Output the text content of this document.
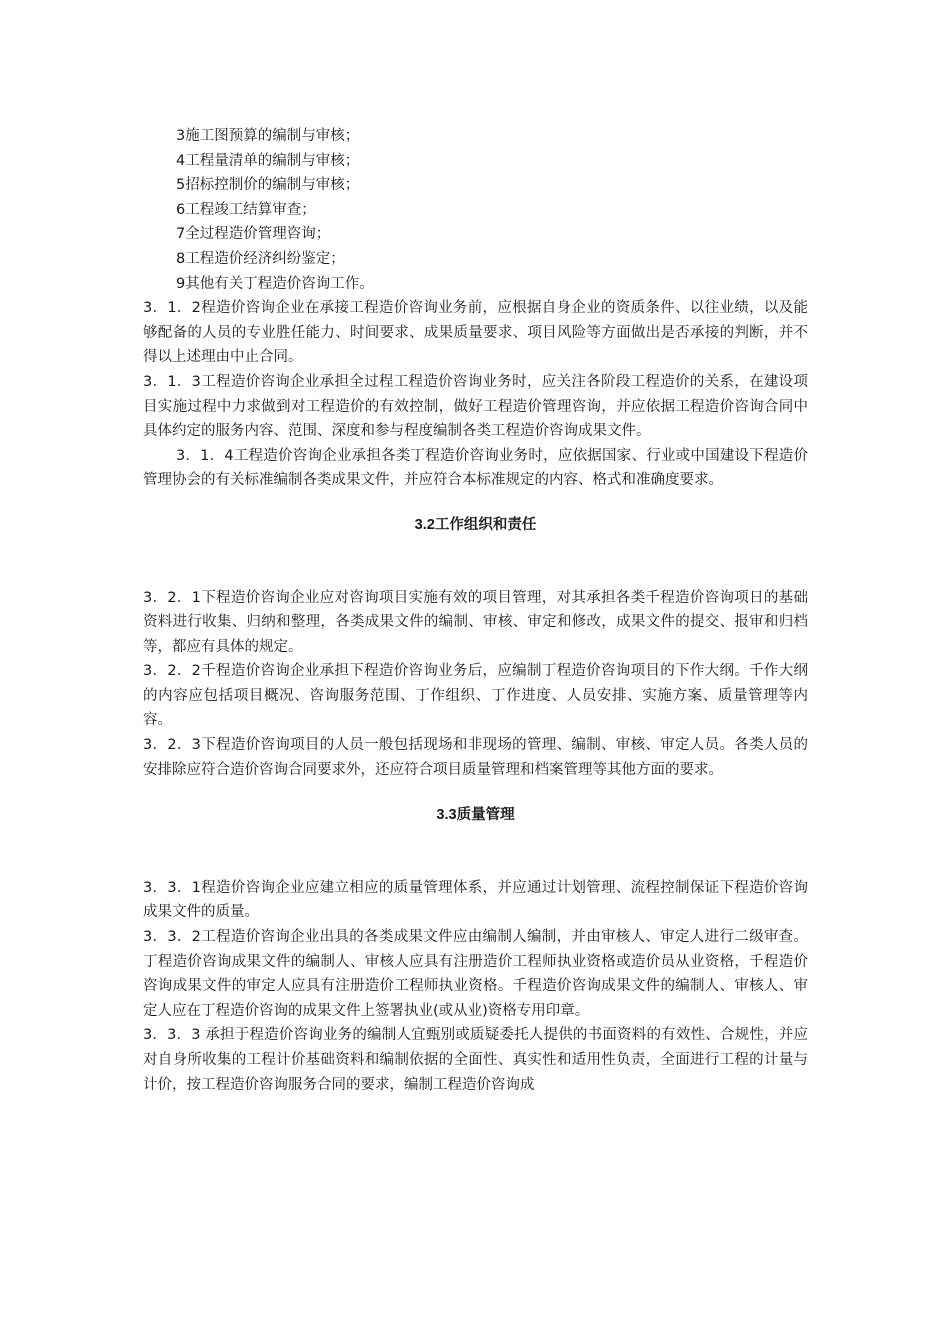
3施工图预算的编制与审核；

4工程量清单的编制与审核；

5招标控制价的编制与审核；

6工程竣工结算审查；

7全过程造价管理咨询；

8工程造价经济纠纷鉴定；

9其他有关丁程造价咨询工作。

3．1．2程造价咨询企业在承接工程造价咨询业务前，应根据自身企业的资质条件、以往业绩，以及能够配备的人员的专业胜任能力、时间要求、成果质量要求、项目风险等方面做出是否承接的判断，并不得以上述理由中止合同。

3．1．3工程造价咨询企业承担全过程工程造价咨询业务时，应关注各阶段工程造价的关系，在建设项目实施过程中力求做到对工程造价的有效控制，做好工程造价管理咨询，并应依据工程造价咨询合同中具体约定的服务内容、范围、深度和参与程度编制各类工程造价咨询成果文件。

3．1．4工程造价咨询企业承担各类丁程造价咨询业务时，应依据国家、行业或中国建设下程造价管理协会的有关标准编制各类成果文件，并应符合本标准规定的内容、格式和准确度要求。

3.2工作组织和责任

3．2．1下程造价咨询企业应对咨询项目实施有效的项目管理，对其承担各类千程造价咨询项日的基础资料进行收集、归纳和整理，各类成果文件的编制、审核、审定和修改，成果文件的提交、报审和归档等，都应有具体的规定。

3．2．2千程造价咨询企业承担下程造价咨询业务后，应编制丁程造价咨询项目的下作大纲。千作大纲的内容应包括项目概况、咨询服务范围、丁作组织、丁作进度、人员安排、实施方案、质量管理等内容。

3．2．3下程造价咨询项目的人员一般包括现场和非现场的管理、编制、审核、审定人员。各类人员的安排除应符合造价咨询合同要求外，还应符合项目质量管理和档案管理等其他方面的要求。

3.3质量管理

3．3．1程造价咨询企业应建立相应的质量管理体系，并应通过计划管理、流程控制保证下程造价咨询成果文件的质量。

3．3．2工程造价咨询企业出具的各类成果文件应由编制人编制，并由审核人、审定人进行二级审查。丁程造价咨询成果文件的编制人、审核人应具有注册造价工程师执业资格或造价员从业资格，千程造价咨询成果文件的审定人应具有注册造价工程师执业资格。千程造价咨询成果文件的编制人、审核人、审定人应在丁程造价咨询的成果文件上签署执业(或从业)资格专用印章。

3．3．3 承担于程造价咨询业务的编制人宜甄别或质疑委托人提供的书面资料的有效性、合规性，并应对自身所收集的工程计价基础资料和编制依据的全面性、真实性和适用性负责，全面进行工程的计量与计价，按工程造价咨询服务合同的要求，编制工程造价咨询成
